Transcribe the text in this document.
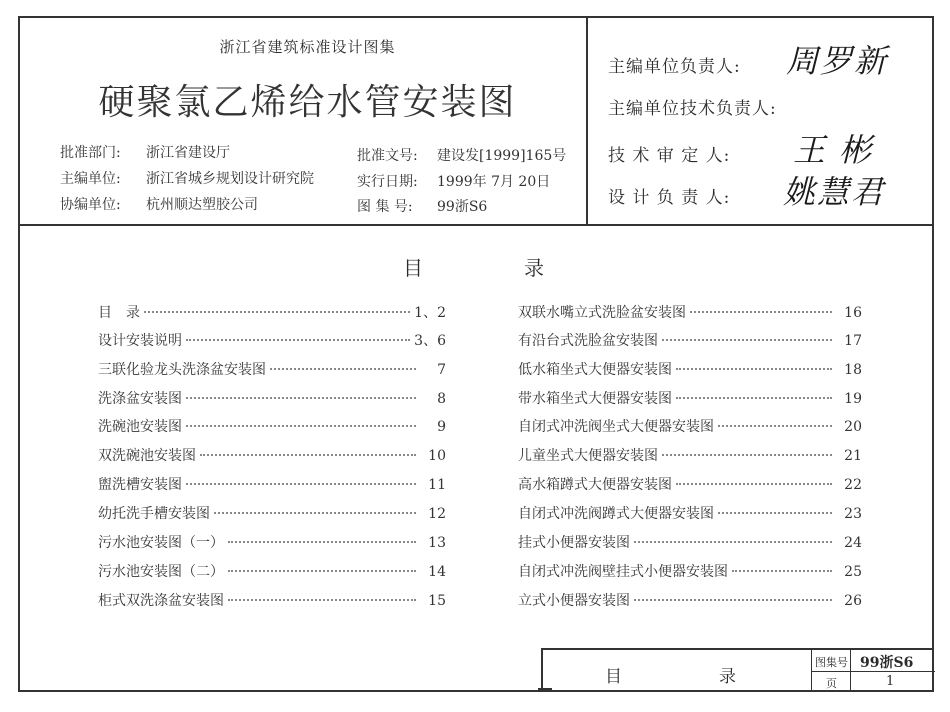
浙江省建筑标准设计图集
硬聚氯乙烯给水管安装图
批准部门: 浙江省建设厅
主编单位: 浙江省城乡规划设计研究院
协编单位: 杭州顺达塑胶公司
批准文号: 建设发[1999]165号
实行日期: 1999年 7月 20日
图 集 号: 99浙S6
主编单位负责人: 周罗新
主编单位技术负责人:
技 术 审 定 人: 王 彬
设 计 负 责 人: 姚慧君
目	录
目　录	1、2
设计安装说明	3、6
三联化验龙头洗涤盆安装图	7
洗涤盆安装图	8
洗碗池安装图	9
双洗碗池安装图	10
盥洗槽安装图	11
幼托洗手槽安装图	12
污水池安装图（一）	13
污水池安装图（二）	14
柜式双洗涤盆安装图	15
双联水嘴立式洗脸盆安装图	16
有沿台式洗脸盆安装图	17
低水箱坐式大便器安装图	18
带水箱坐式大便器安装图	19
自闭式冲洗阀坐式大便器安装图	20
儿童坐式大便器安装图	21
高水箱蹲式大便器安装图	22
自闭式冲洗阀蹲式大便器安装图	23
挂式小便器安装图	24
自闭式冲洗阀壁挂式小便器安装图	25
立式小便器安装图	26
目	录
图集号 99浙S6
页	1
